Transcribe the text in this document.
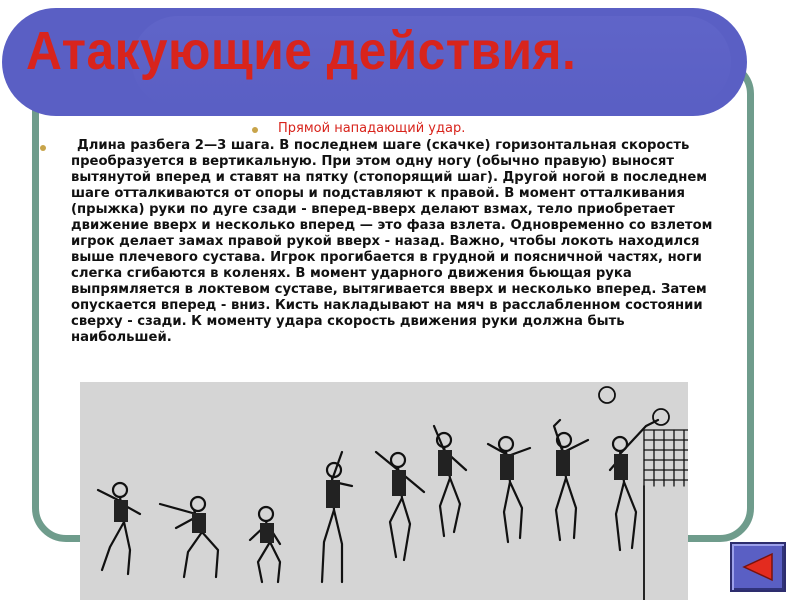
Атакующие действия.
Прямой нападающий удар.

Длина разбега 2—3 шага. В последнем шаге (скачке) горизонтальная скорость преобразуется в вертикальную. При этом одну ногу (обычно правую) выносят вытянутой вперед и ставят на пятку (стопорящий шаг). Другой ногой в последнем шаге отталкиваются от опоры и подставляют к правой. В момент отталкивания (прыжка) руки по дуге сзади - вперед-вверх делают взмах, тело приобретает движение вверх и несколько вперед — это фаза взлета. Одновременно со взлетом игрок делает замах правой рукой вверх - назад. Важно, чтобы локоть находился выше плечевого сустава. Игрок прогибается в грудной и поясничной частях, ноги слегка сгибаются в коленях. В момент ударного движения бьющая рука выпрямляется в локтевом суставе, вытягивается вверх и несколько вперед. Затем опускается вперед - вниз. Кисть накладывают на мяч в расслабленном состоянии сверху - сзади. К моменту удара скорость движения руки должна быть наибольшей.
